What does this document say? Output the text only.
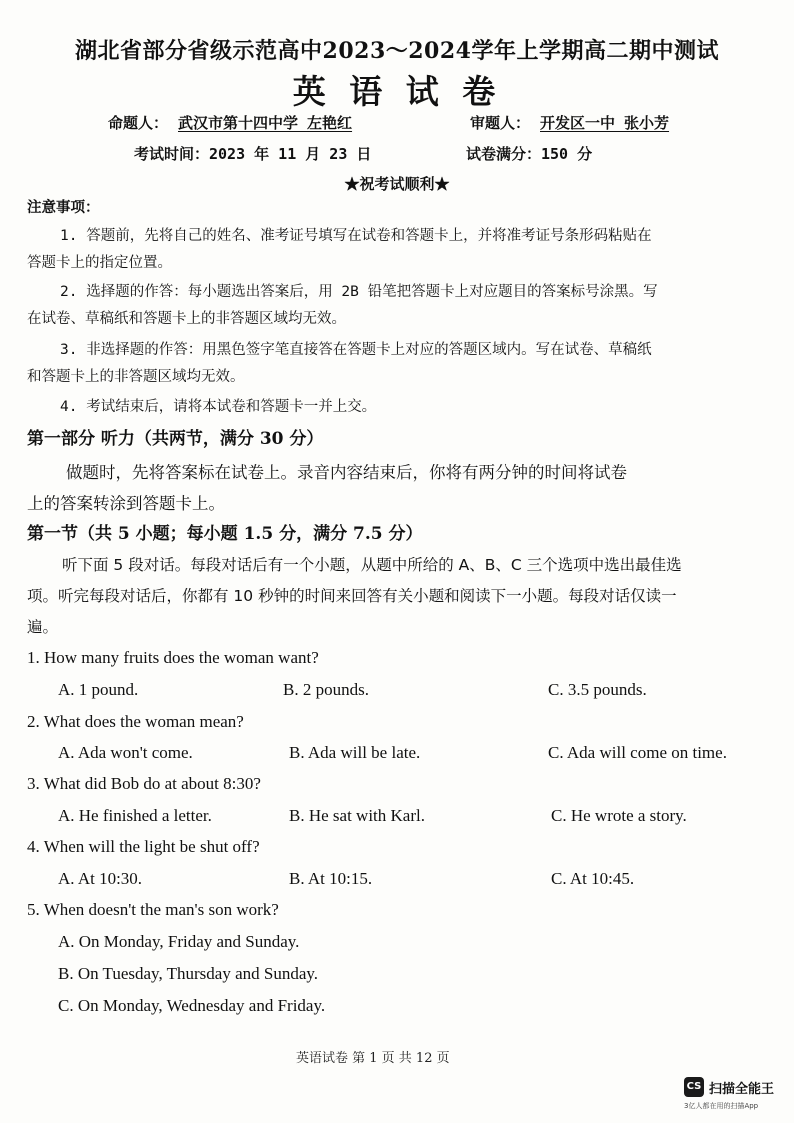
湖北省部分省级示范高中2023～2024学年上学期高二期中测试
英 语 试 卷
命题人： 武汉市第十四中学 左艳红	审题人： 开发区一中 张小芳
考试时间：2023 年 11 月 23 日	试卷满分：150 分
★祝考试顺利★
注意事项：
1. 答题前，先将自己的姓名、准考证号填写在试卷和答题卡上，并将准考证号条形码粘贴在
答题卡上的指定位置。
2. 选择题的作答：每小题选出答案后，用 2B 铅笔把答题卡上对应题目的答案标号涂黑。写
在试卷、草稿纸和答题卡上的非答题区域均无效。
3. 非选择题的作答：用黑色签字笔直接答在答题卡上对应的答题区域内。写在试卷、草稿纸
和答题卡上的非答题区域均无效。
4. 考试结束后，请将本试卷和答题卡一并上交。
第一部分 听力（共两节，满分 30 分）
做题时，先将答案标在试卷上。录音内容结束后，你将有两分钟的时间将试卷
上的答案转涂到答题卡上。
第一节（共 5 小题；每小题 1.5 分，满分 7.5 分）
听下面 5 段对话。每段对话后有一个小题，从题中所给的 A、B、C 三个选项中选出最佳选
项。听完每段对话后，你都有 10 秒钟的时间来回答有关小题和阅读下一小题。每段对话仅读一
遍。
1. How many fruits does the woman want?
A. 1 pound.	B. 2 pounds.	C. 3.5 pounds.
2. What does the woman mean?
A. Ada won't come.	B. Ada will be late.	C. Ada will come on time.
3. What did Bob do at about 8:30?
A. He finished a letter.	B. He sat with Karl.	C. He wrote a story.
4. When will the light be shut off?
A. At 10:30.	B. At 10:15.	C. At 10:45.
5. When doesn't the man's son work?
A. On Monday, Friday and Sunday.
B. On Tuesday, Thursday and Sunday.
C. On Monday, Wednesday and Friday.
英语试卷 第 1 页 共 12 页
CS 扫描全能王
3亿人都在用的扫描App
